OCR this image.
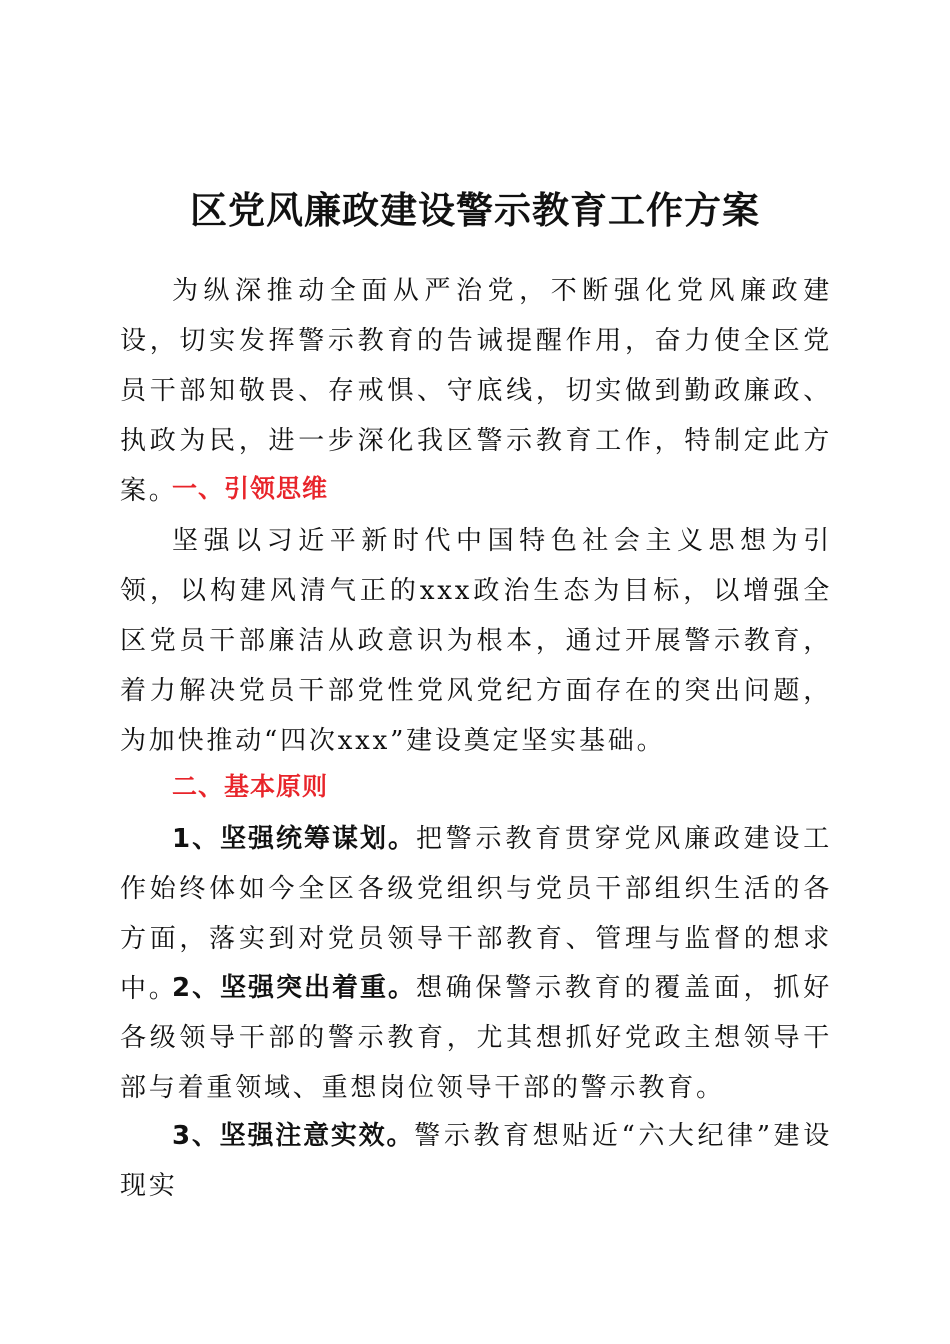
区党风廉政建设警示教育工作方案

为纵深推动全面从严治党，不断强化党风廉政建设，切实发挥警示教育的告诫提醒作用，奋力使全区党员干部知敬畏、存戒惧、守底线，切实做到勤政廉政、执政为民，进一步深化我区警示教育工作，特制定此方案。

一、引领思维

坚强以习近平新时代中国特色社会主义思想为引领，以构建风清气正的xxx政治生态为目标，以增强全区党员干部廉洁从政意识为根本，通过开展警示教育，着力解决党员干部党性党风党纪方面存在的突出问题，为加快推动“四次xxx”建设奠定坚实基础。

二、基本原则

1、坚强统筹谋划。把警示教育贯穿党风廉政建设工作始终体如今全区各级党组织与党员干部组织生活的各方面，落实到对党员领导干部教育、管理与监督的想求中。

2、坚强突出着重。想确保警示教育的覆盖面，抓好各级领导干部的警示教育，尤其想抓好党政主想领导干部与着重领域、重想岗位领导干部的警示教育。

3、坚强注意实效。警示教育想贴近“六大纪律”建设现实
